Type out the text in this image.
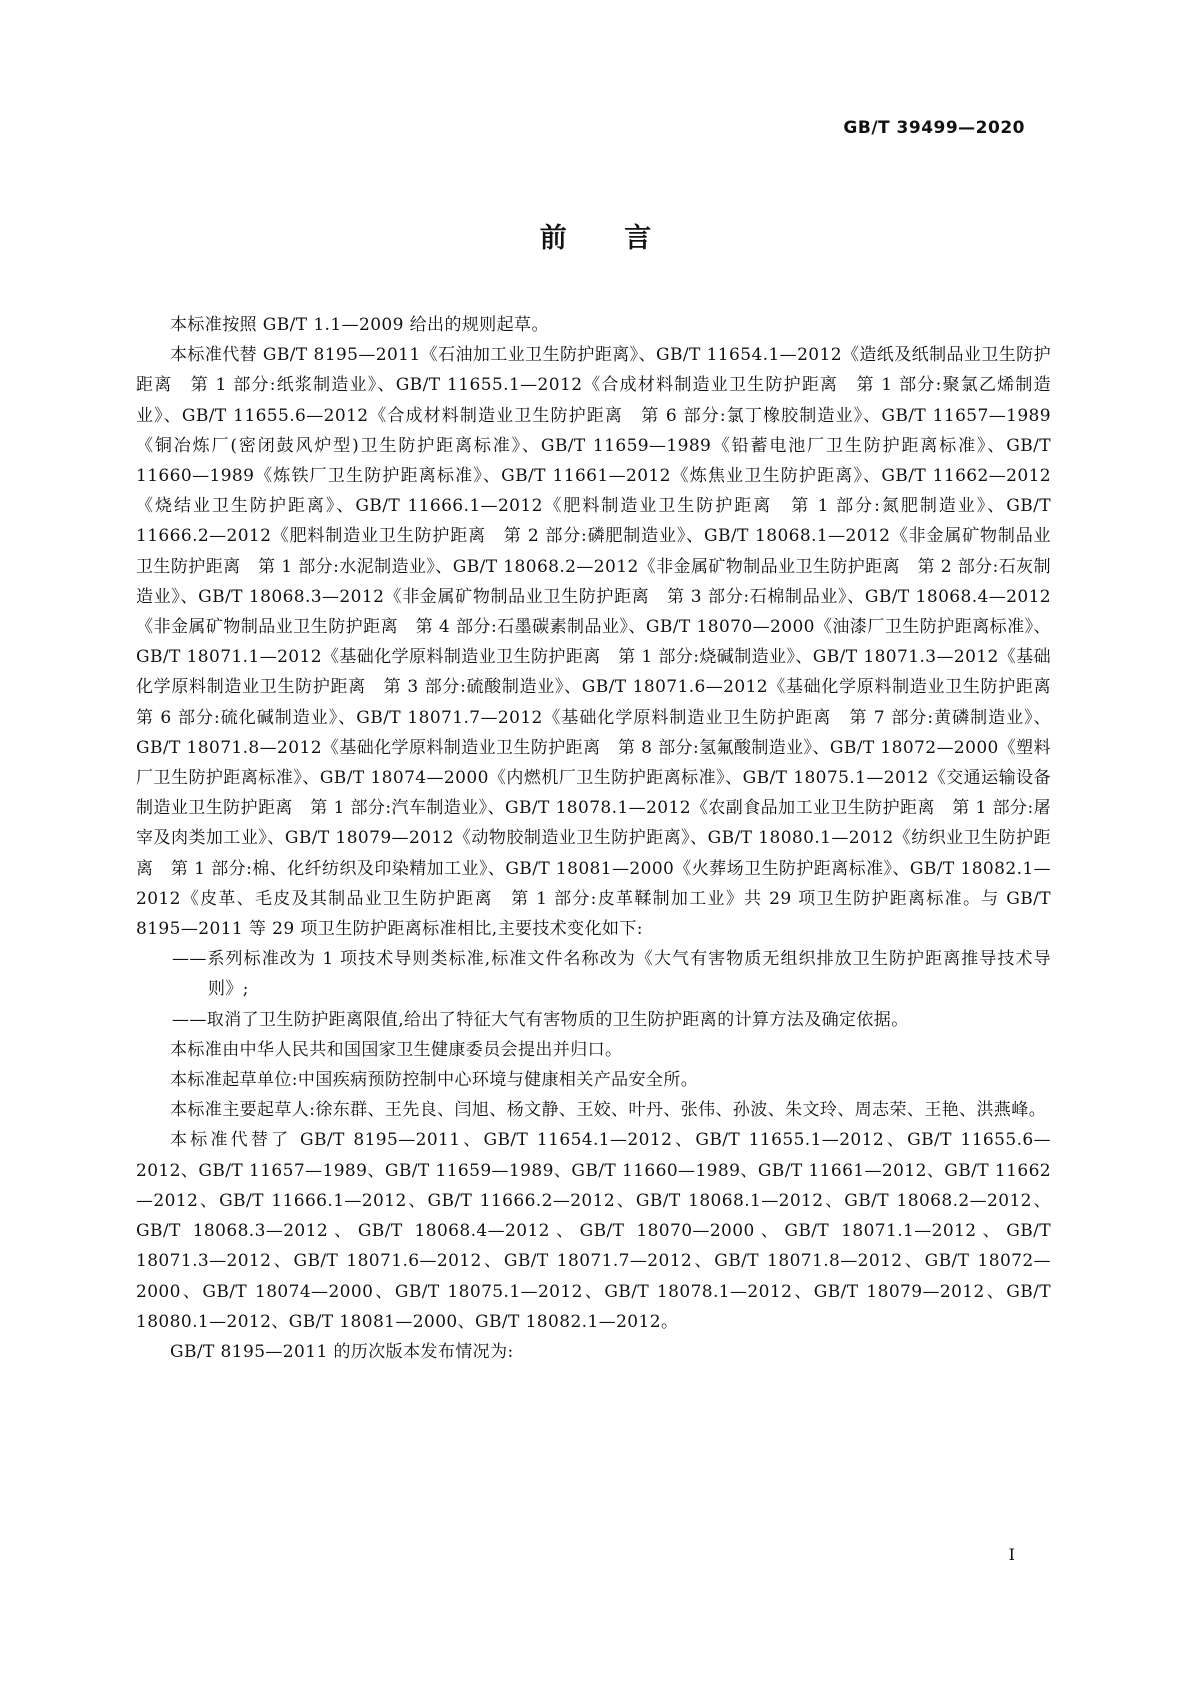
GB/T 39499—2020
前 言

本标准按照 GB/T 1.1—2009 给出的规则起草。

本标准代替 GB/T 8195—2011《石油加工业卫生防护距离》、GB/T 11654.1—2012《造纸及纸制品业卫生防护距离　第 1 部分:纸浆制造业》、GB/T 11655.1—2012《合成材料制造业卫生防护距离　第 1 部分:聚氯乙烯制造业》、GB/T 11655.6—2012《合成材料制造业卫生防护距离　第 6 部分:氯丁橡胶制造业》、GB/T 11657—1989《铜冶炼厂(密闭鼓风炉型)卫生防护距离标准》、GB/T 11659—1989《铅蓄电池厂卫生防护距离标准》、GB/T 11660—1989《炼铁厂卫生防护距离标准》、GB/T 11661—2012《炼焦业卫生防护距离》、GB/T 11662—2012《烧结业卫生防护距离》、GB/T 11666.1—2012《肥料制造业卫生防护距离　第 1 部分:氮肥制造业》、GB/T 11666.2—2012《肥料制造业卫生防护距离　第 2 部分:磷肥制造业》、GB/T 18068.1—2012《非金属矿物制品业卫生防护距离　第 1 部分:水泥制造业》、GB/T 18068.2—2012《非金属矿物制品业卫生防护距离　第 2 部分:石灰制造业》、GB/T 18068.3—2012《非金属矿物制品业卫生防护距离　第 3 部分:石棉制品业》、GB/T 18068.4—2012《非金属矿物制品业卫生防护距离　第 4 部分:石墨碳素制品业》、GB/T 18070—2000《油漆厂卫生防护距离标准》、GB/T 18071.1—2012《基础化学原料制造业卫生防护距离　第 1 部分:烧碱制造业》、GB/T 18071.3—2012《基础化学原料制造业卫生防护距离　第 3 部分:硫酸制造业》、GB/T 18071.6—2012《基础化学原料制造业卫生防护距离　第 6 部分:硫化碱制造业》、GB/T 18071.7—2012《基础化学原料制造业卫生防护距离　第 7 部分:黄磷制造业》、GB/T 18071.8—2012《基础化学原料制造业卫生防护距离　第 8 部分:氢氟酸制造业》、GB/T 18072—2000《塑料厂卫生防护距离标准》、GB/T 18074—2000《内燃机厂卫生防护距离标准》、GB/T 18075.1—2012《交通运输设备制造业卫生防护距离　第 1 部分:汽车制造业》、GB/T 18078.1—2012《农副食品加工业卫生防护距离　第 1 部分:屠宰及肉类加工业》、GB/T 18079—2012《动物胶制造业卫生防护距离》、GB/T 18080.1—2012《纺织业卫生防护距离　第 1 部分:棉、化纤纺织及印染精加工业》、GB/T 18081—2000《火葬场卫生防护距离标准》、GB/T 18082.1—2012《皮革、毛皮及其制品业卫生防护距离　第 1 部分:皮革鞣制加工业》共 29 项卫生防护距离标准。与 GB/T 8195—2011 等 29 项卫生防护距离标准相比,主要技术变化如下:

——系列标准改为 1 项技术导则类标准,标准文件名称改为《大气有害物质无组织排放卫生防护距离推导技术导则》;

——取消了卫生防护距离限值,给出了特征大气有害物质的卫生防护距离的计算方法及确定依据。

本标准由中华人民共和国国家卫生健康委员会提出并归口。

本标准起草单位:中国疾病预防控制中心环境与健康相关产品安全所。

本标准主要起草人:徐东群、王先良、闫旭、杨文静、王姣、叶丹、张伟、孙波、朱文玲、周志荣、王艳、洪燕峰。

本标准代替了 GB/T 8195—2011、GB/T 11654.1—2012、GB/T 11655.1—2012、GB/T 11655.6—2012、GB/T 11657—1989、GB/T 11659—1989、GB/T 11660—1989、GB/T 11661—2012、GB/T 11662—2012、GB/T 11666.1—2012、GB/T 11666.2—2012、GB/T 18068.1—2012、GB/T 18068.2—2012、GB/T 18068.3—2012、GB/T 18068.4—2012、GB/T 18070—2000、GB/T 18071.1—2012、GB/T 18071.3—2012、GB/T 18071.6—2012、GB/T 18071.7—2012、GB/T 18071.8—2012、GB/T 18072—2000、GB/T 18074—2000、GB/T 18075.1—2012、GB/T 18078.1—2012、GB/T 18079—2012、GB/T 18080.1—2012、GB/T 18081—2000、GB/T 18082.1—2012。

GB/T 8195—2011 的历次版本发布情况为:

I
